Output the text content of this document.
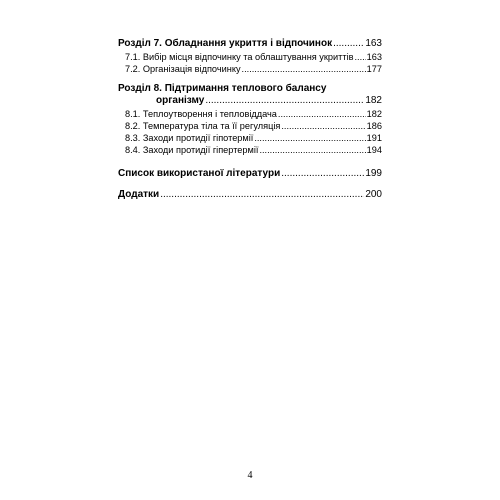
Розділ 7. Обладнання укриття і відпочинок .....	163
7.1. Вибір місця відпочинку та облаштування укриттів ..... 163
7.2. Організація відпочинку .....	177
Розділ 8. Підтримання теплового балансу
організму .....	182
8.1. Теплоутворення і тепловіддача .....	182
8.2. Температура тіла та її регуляція .....	186
8.3. Заходи протидії гіпотермії .....	191
8.4. Заходи протидії гіпертермії .....	194
Список використаної літератури .....	199
Додатки .....	200
4
